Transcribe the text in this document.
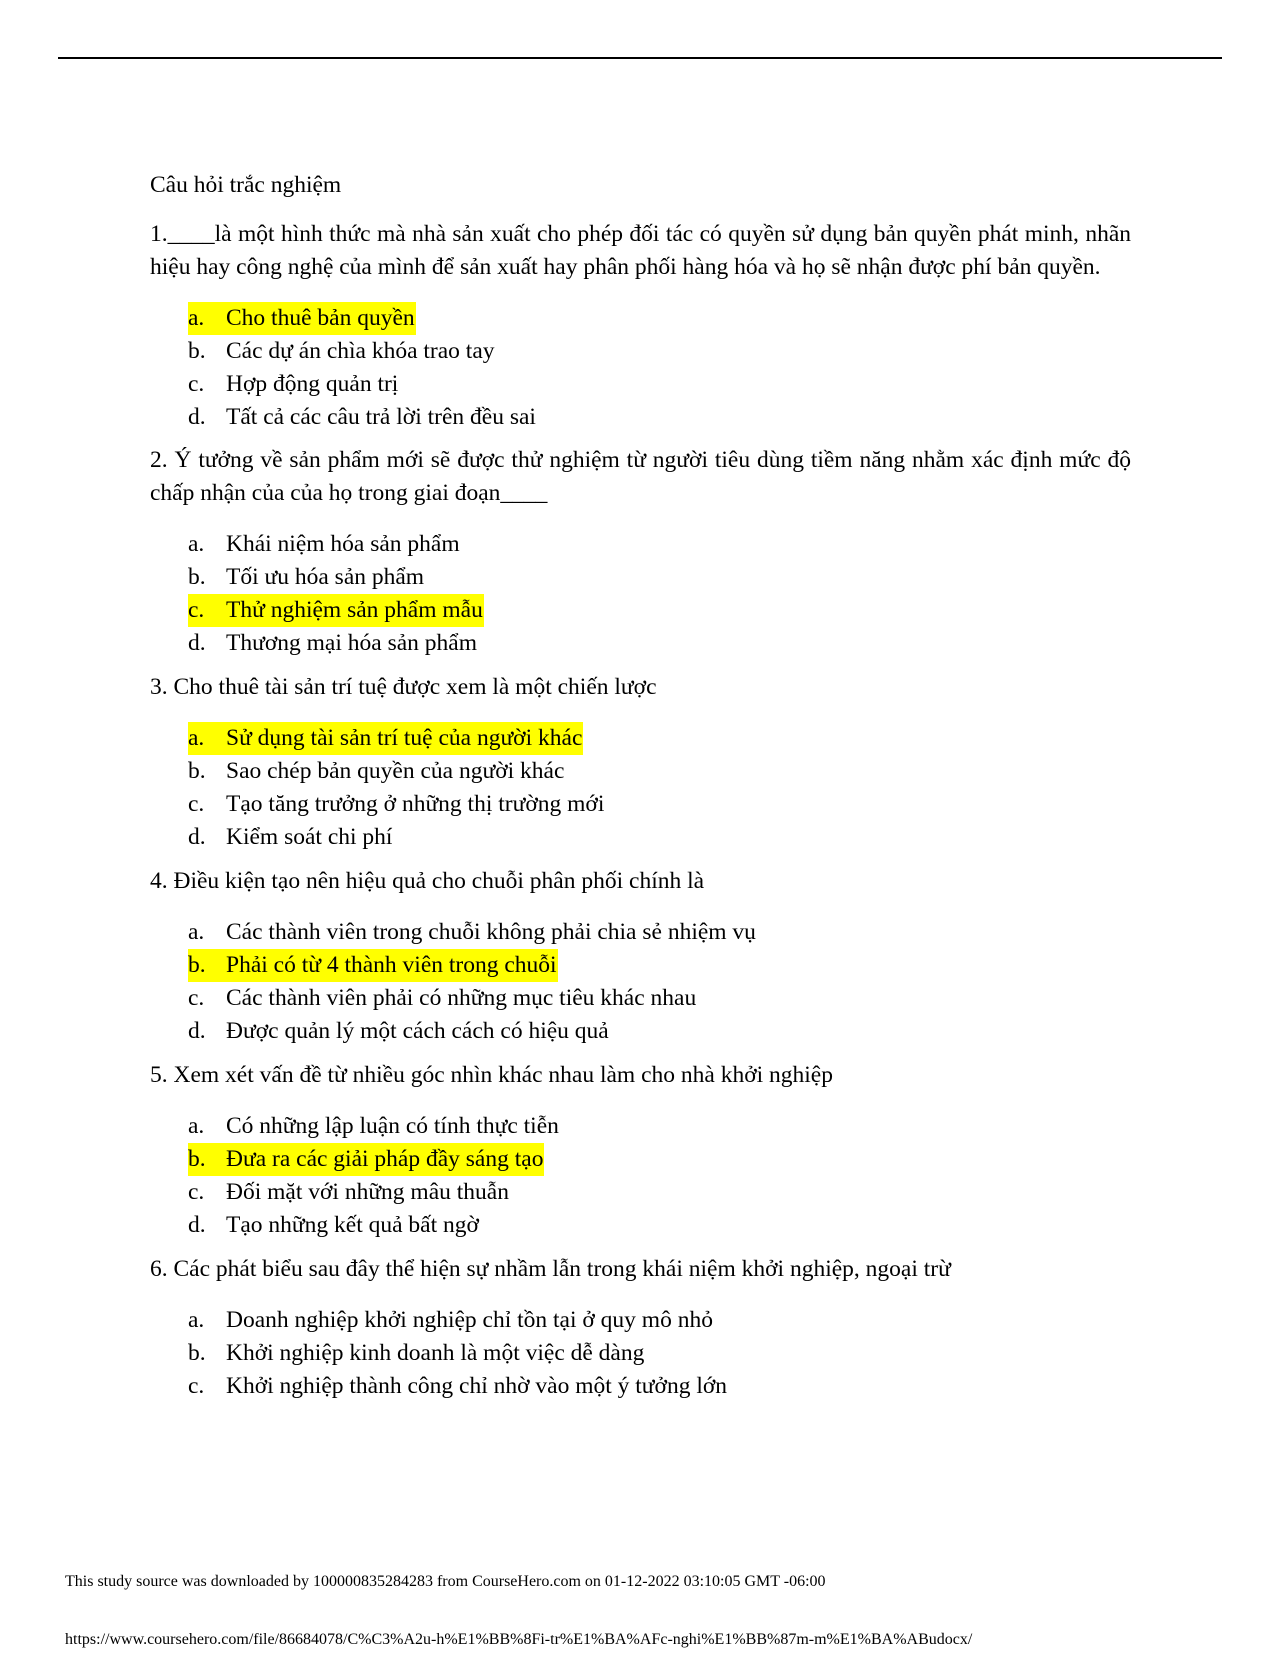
Câu hỏi trắc nghiệm

1.____là một hình thức mà nhà sản xuất cho phép đối tác có quyền sử dụng bản quyền phát minh, nhãn hiệu hay công nghệ của mình để sản xuất hay phân phối hàng hóa và họ sẽ nhận được phí bản quyền.

a. Cho thuê bản quyền
b. Các dự án chìa khóa trao tay
c. Hợp động quản trị
d. Tất cả các câu trả lời trên đều sai

2. Ý tưởng về sản phẩm mới sẽ được thử nghiệm từ người tiêu dùng tiềm năng nhằm xác định mức độ chấp nhận của của họ trong giai đoạn____

a. Khái niệm hóa sản phẩm
b. Tối ưu hóa sản phẩm
c. Thử nghiệm sản phẩm mẫu
d. Thương mại hóa sản phẩm

3. Cho thuê tài sản trí tuệ được xem là một chiến lược

a. Sử dụng tài sản trí tuệ của người khác
b. Sao chép bản quyền của người khác
c. Tạo tăng trưởng ở những thị trường mới
d. Kiểm soát chi phí

4. Điều kiện tạo nên hiệu quả cho chuỗi phân phối chính là

a. Các thành viên trong chuỗi không phải chia sẻ nhiệm vụ
b. Phải có từ 4 thành viên trong chuỗi
c. Các thành viên phải có những mục tiêu khác nhau
d. Được quản lý một cách cách có hiệu quả

5. Xem xét vấn đề từ nhiều góc nhìn khác nhau làm cho nhà khởi nghiệp

a. Có những lập luận có tính thực tiễn
b. Đưa ra các giải pháp đầy sáng tạo
c. Đối mặt với những mâu thuẫn
d. Tạo những kết quả bất ngờ

6. Các phát biểu sau đây thể hiện sự nhầm lẫn trong khái niệm khởi nghiệp, ngoại trừ

a. Doanh nghiệp khởi nghiệp chỉ tồn tại ở quy mô nhỏ
b. Khởi nghiệp kinh doanh là một việc dễ dàng
c. Khởi nghiệp thành công chỉ nhờ vào một ý tưởng lớn
This study source was downloaded by 100000835284283 from CourseHero.com on 01-12-2022 03:10:05 GMT -06:00
https://www.coursehero.com/file/86684078/C%C3%A2u-h%E1%BB%8Fi-tr%E1%BA%AFc-nghi%E1%BB%87m-m%E1%BA%ABudocx/
